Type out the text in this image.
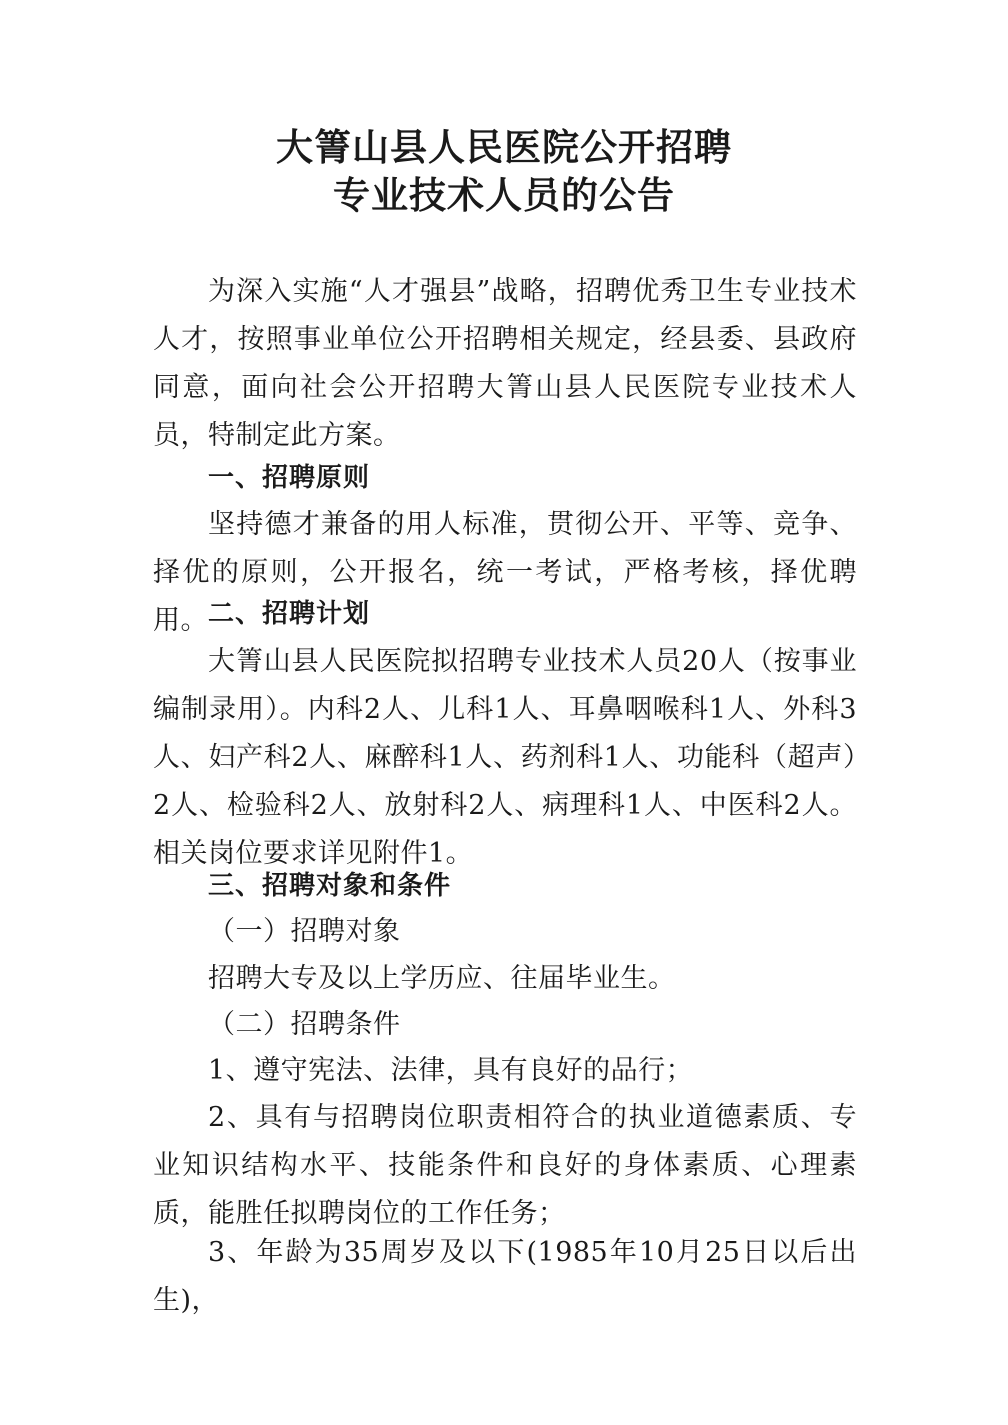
大箐山县人民医院公开招聘
专业技术人员的公告

为深入实施“人才强县”战略，招聘优秀卫生专业技术人才，按照事业单位公开招聘相关规定，经县委、县政府同意，面向社会公开招聘大箐山县人民医院专业技术人员，特制定此方案。

一、招聘原则

坚持德才兼备的用人标准，贯彻公开、平等、竞争、择优的原则，公开报名，统一考试，严格考核，择优聘用。 二、招聘计划

大箐山县人民医院拟招聘专业技术人员20人（按事业编制录用）。内科2人、儿科1人、耳鼻咽喉科1人、外科3人、妇产科2人、麻醉科1人、药剂科1人、功能科（超声）2人、检验科2人、放射科2人、病理科1人、中医科2人。相关岗位要求详见附件1。

三、招聘对象和条件

（一）招聘对象

招聘大专及以上学历应、往届毕业生。

（二）招聘条件

1、遵守宪法、法律，具有良好的品行；

2、具有与招聘岗位职责相符合的执业道德素质、专业知识结构水平、技能条件和良好的身体素质、心理素质，能胜任拟聘岗位的工作任务；

3、年龄为35周岁及以下(1985年10月25日以后出生)，
